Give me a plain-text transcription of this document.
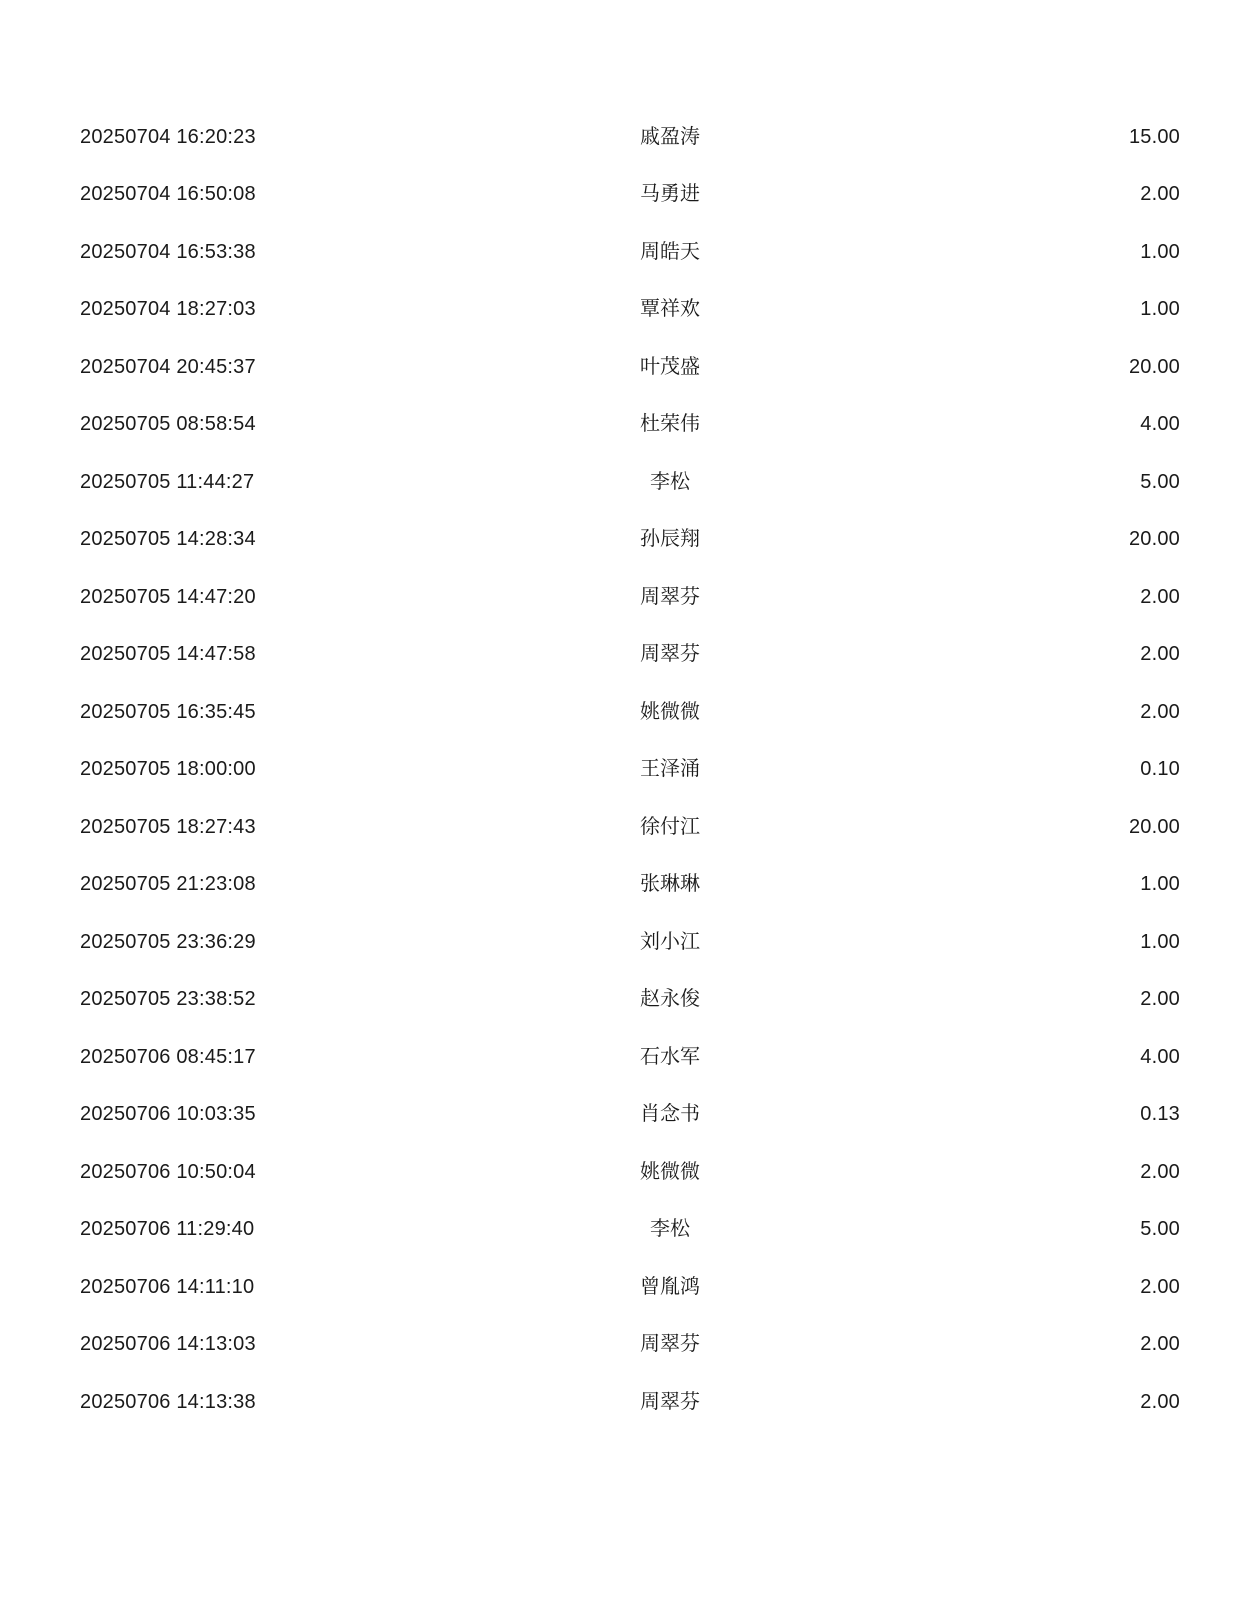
20250704 16:20:23	戚盈涛	15.00
20250704 16:50:08	马勇进	2.00
20250704 16:53:38	周皓天	1.00
20250704 18:27:03	覃祥欢	1.00
20250704 20:45:37	叶茂盛	20.00
20250705 08:58:54	杜荣伟	4.00
20250705 11:44:27	李松	5.00
20250705 14:28:34	孙辰翔	20.00
20250705 14:47:20	周翠芬	2.00
20250705 14:47:58	周翠芬	2.00
20250705 16:35:45	姚微微	2.00
20250705 18:00:00	王泽涌	0.10
20250705 18:27:43	徐付江	20.00
20250705 21:23:08	张琳琳	1.00
20250705 23:36:29	刘小江	1.00
20250705 23:38:52	赵永俊	2.00
20250706 08:45:17	石水军	4.00
20250706 10:03:35	肖念书	0.13
20250706 10:50:04	姚微微	2.00
20250706 11:29:40	李松	5.00
20250706 14:11:10	曾胤鸿	2.00
20250706 14:13:03	周翠芬	2.00
20250706 14:13:38	周翠芬	2.00
